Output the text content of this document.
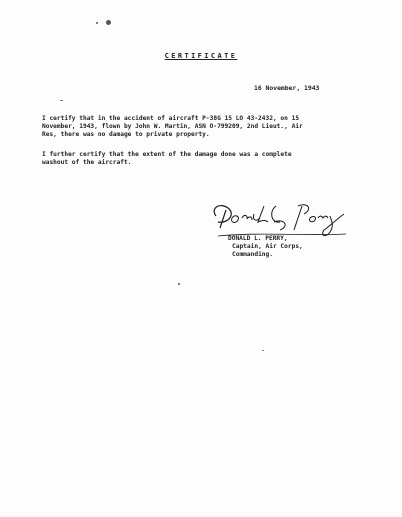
CERTIFICATE
16 November, 1943
I certify that in the accident of aircraft P-38G 15 LO 43-2432, on 15
November, 1943, flown by John W. Martin, ASN O-799209, 2nd Lieut., Air
Res, there was no damage to private property.
I further certify that the extent of the damage done was a complete
washout of the aircraft.
DONALD L. PERRY,
Captain, Air Corps,
Commanding.
